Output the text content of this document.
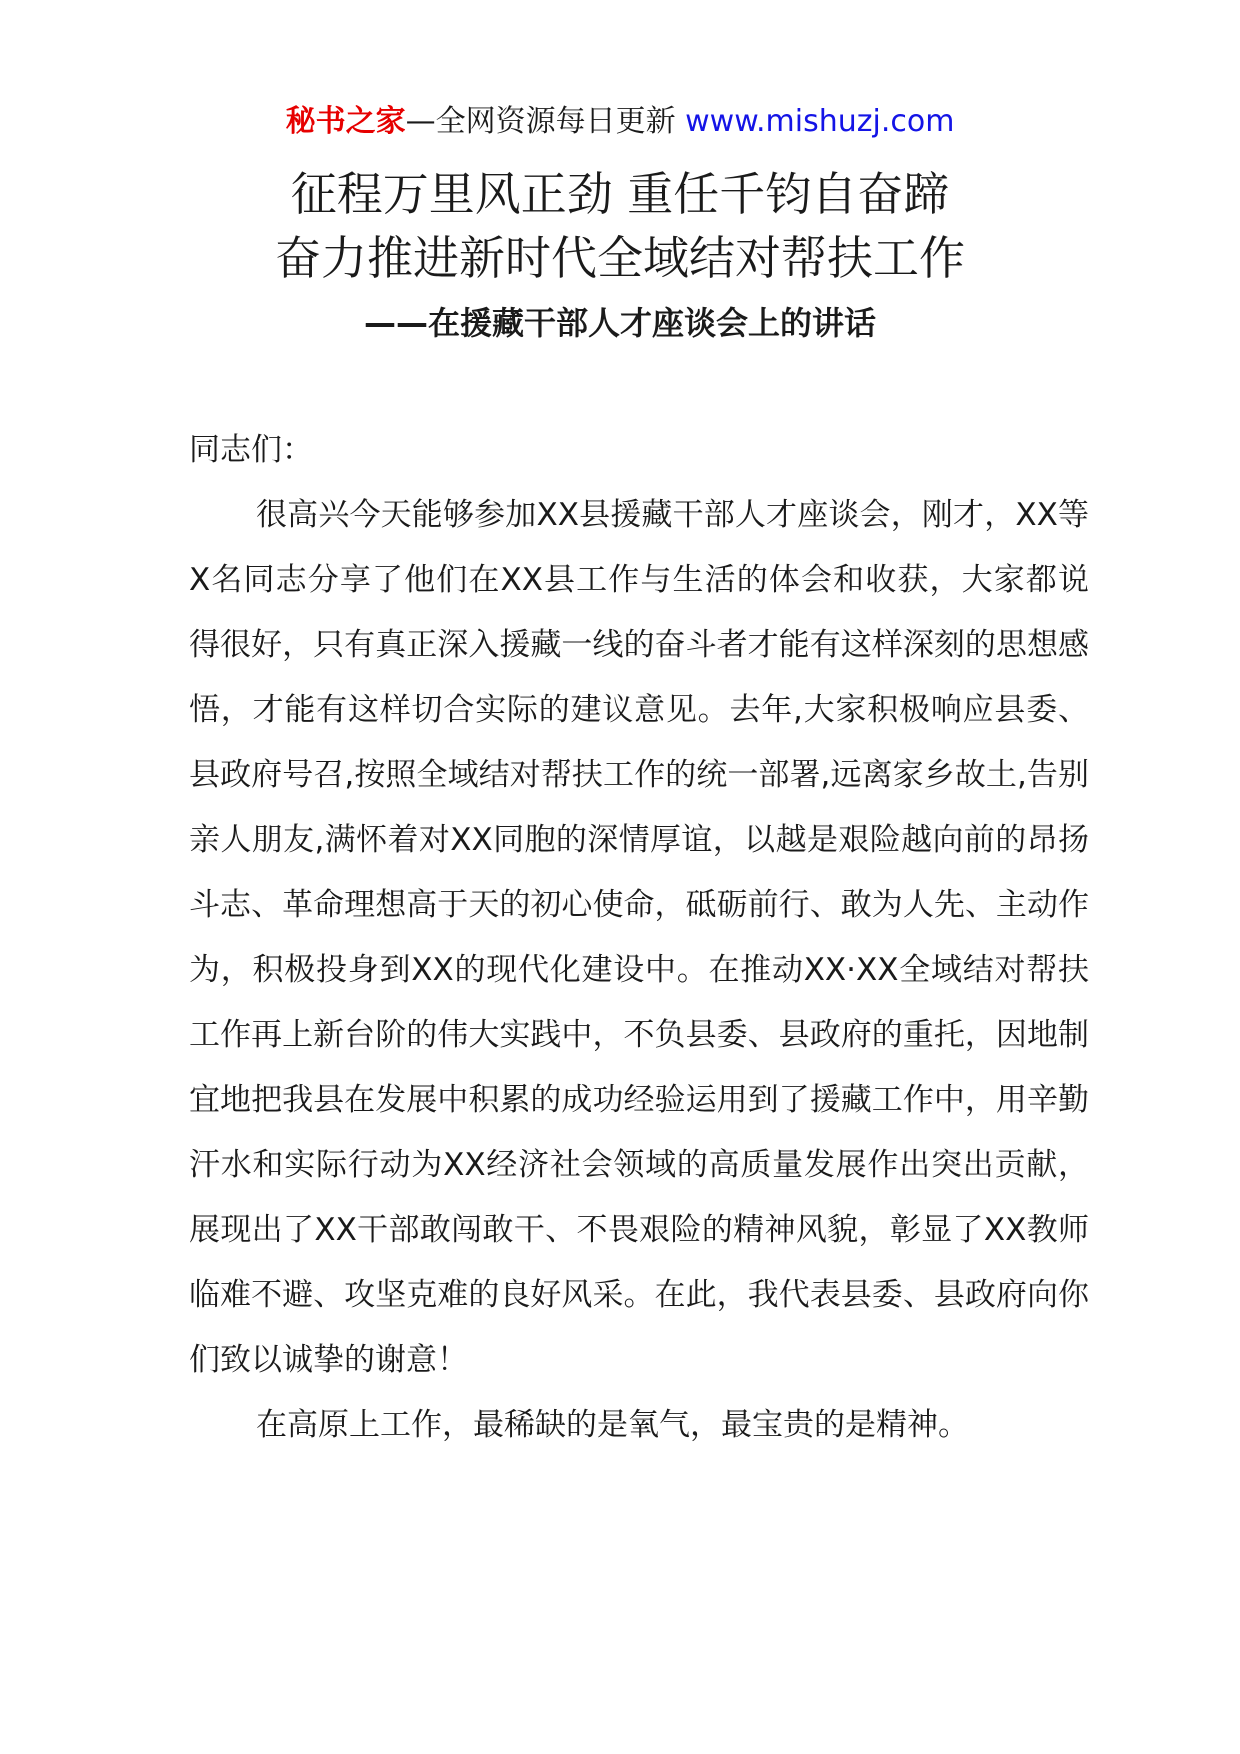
秘书之家—全网资源每日更新 www.mishuzj.com
征程万里风正劲 重任千钧自奋蹄
奋力推进新时代全域结对帮扶工作
——在援藏干部人才座谈会上的讲话

同志们：

很高兴今天能够参加XX县援藏干部人才座谈会，刚才，XX等X名同志分享了他们在XX县工作与生活的体会和收获，大家都说得很好，只有真正深入援藏一线的奋斗者才能有这样深刻的思想感悟，才能有这样切合实际的建议意见。去年,大家积极响应县委、县政府号召,按照全域结对帮扶工作的统一部署,远离家乡故土,告别亲人朋友,满怀着对XX同胞的深情厚谊，以越是艰险越向前的昂扬斗志、革命理想高于天的初心使命，砥砺前行、敢为人先、主动作为，积极投身到XX的现代化建设中。在推动XX·XX全域结对帮扶工作再上新台阶的伟大实践中，不负县委、县政府的重托，因地制宜地把我县在发展中积累的成功经验运用到了援藏工作中，用辛勤汗水和实际行动为XX经济社会领域的高质量发展作出突出贡献，展现出了XX干部敢闯敢干、不畏艰险的精神风貌，彰显了XX教师临难不避、攻坚克难的良好风采。在此，我代表县委、县政府向你们致以诚挚的谢意！

在高原上工作，最稀缺的是氧气，最宝贵的是精神。
